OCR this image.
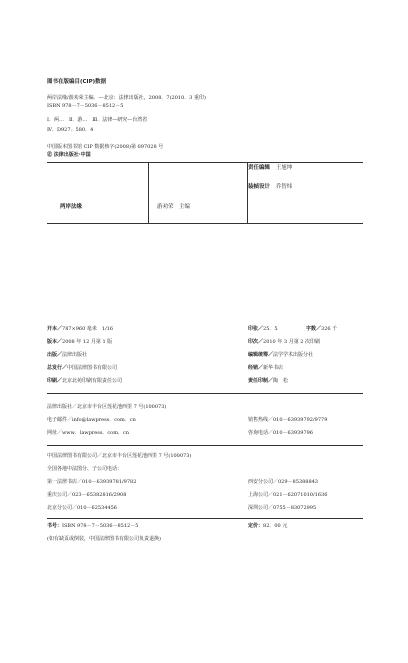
图书在版编目(CIP)数据
两岸法缘/游劝荣主编．—北京：法律出版社，2008．7(2010．3 重印)
ISBN 978－7－5036－8512－5
Ⅰ．两…　Ⅱ．游…　Ⅲ．法律—研究—台湾省
Ⅳ．D927．580．4
中国版本图书馆 CIP 数据核字(2008)第 097028 号
㊣ 法律出版社·中国
两岸法缘	游劝荣　主编
责任编辑 王旭坤
装帧设计 乔智炜
开本／787×960 毫米　1/16	印张／25．5	字数／326 千
版本／2008 年 12 月第 1 版	印次／2010 年 3 月第 2 次印刷
出版／法律出版社	编辑统筹／法学学术出版分社
总发行／中国法律图书有限公司	经销／新华书店
印刷／北京北苑印刷有限责任公司	责任印制／陶　松
法律出版社／北京市丰台区莲花池西里 7 号(100073)
电子邮件／info@lawpress．com．cn	销售热线／010－63939792/9779
网址／www．lawpress．com．cn	咨询电话／010－63939796
中国法律图书有限公司／北京市丰台区莲花池西里 7 号(100073)
全国各地中法图分、子公司电话：
第一法律书店／010－63939781/9782	西安分公司／029－85388843
重庆公司／023－65382816/2908	上海公司／021－62071010/1636
北京分公司／010－62534456	深圳公司／0755－83072995
书号：ISBN 978－7－5036－8512－5	定价：82．00 元
(如有缺页或倒装，中国法律图书有限公司负责退换)
